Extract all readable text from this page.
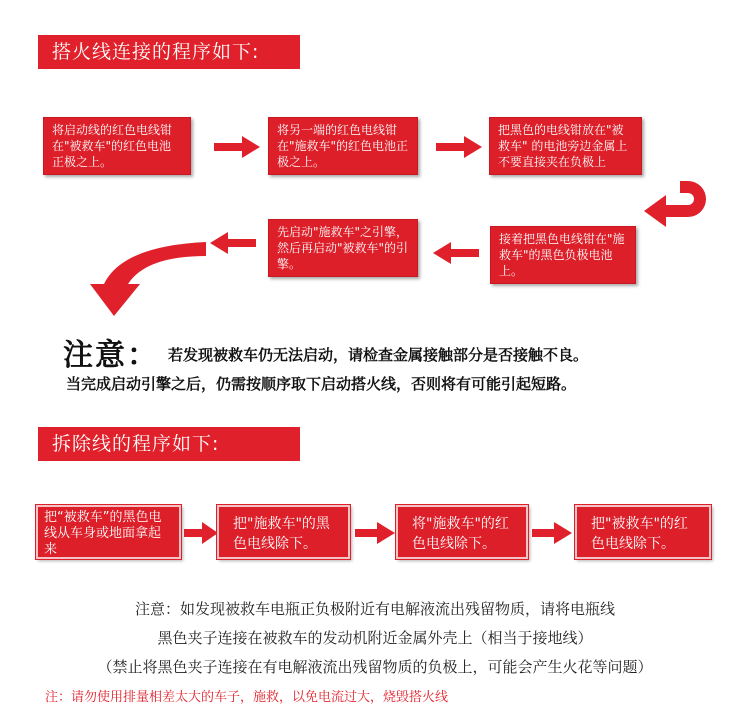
搭火线连接的程序如下:
将启动线的红色电线钳在"被救车"的红色电池正极之上。
将另一端的红色电线钳在"施救车"的红色电池正极之上。
把黑色的电线钳放在"被救车" 的电池旁边金属上不要直接夹在负极上
接着把黑色电线钳在"施救车"的黑色负极电池上。
先启动"施救车"之引擎，然后再启动"被救车"的引擎。
注意： 若发现被救车仍无法启动，请检查金属接触部分是否接触不良。
当完成启动引擎之后，仍需按顺序取下启动搭火线，否则将有可能引起短路。
拆除线的程序如下:
把“被救车”的黑色电线从车身或地面拿起来
把"施救车"的黑色电线除下。
将"施救车"的红色电线除下。
把"被救车"的红色电线除下。
注意：如发现被救车电瓶正负极附近有电解液流出残留物质，请将电瓶线
黑色夹子连接在被救车的发动机附近金属外壳上（相当于接地线）
（禁止将黑色夹子连接在有电解液流出残留物质的负极上，可能会产生火花等问题）
注：请勿使用排量相差太大的车子，施救，以免电流过大，烧毁搭火线
